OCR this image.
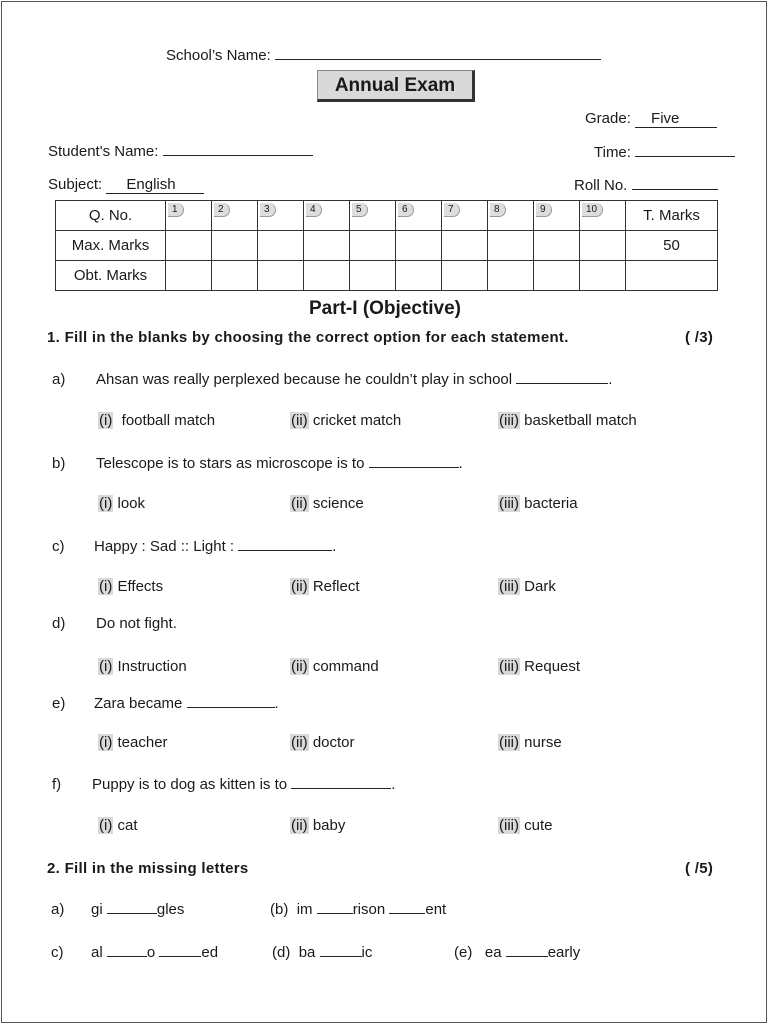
School’s Name:
Annual Exam
Grade: Five
Student's Name:	Time:
Subject: English	Roll No.
Q. No.	1	2	3	4	5	6	7	8	9	10	T. Marks
Max. Marks											50
Obt. Marks											
Part-I (Objective)
1. Fill in the blanks by choosing the correct option for each statement.	( /3)
a) Ahsan was really perplexed because he couldn’t play in school	.
(i) football match	(ii) cricket match	(iii) basketball match
b) Telescope is to stars as microscope is to	.
(i) look	(ii) science	(iii) bacteria
c) Happy : Sad :: Light :	.
(i) Effects	(ii) Reflect	(iii) Dark
d) Do not fight.
(i) Instruction	(ii) command	(iii) Request
e) Zara became	.
(i) teacher	(ii) doctor	(iii) nurse
f) Puppy is to dog as kitten is to	.
(i) cat	(ii) baby	(iii) cute
2. Fill in the missing letters	( /5)
a) gi	gles	(b) im	rison	ent
c) al	o	ed	(d) ba	ic	(e) ea	early
